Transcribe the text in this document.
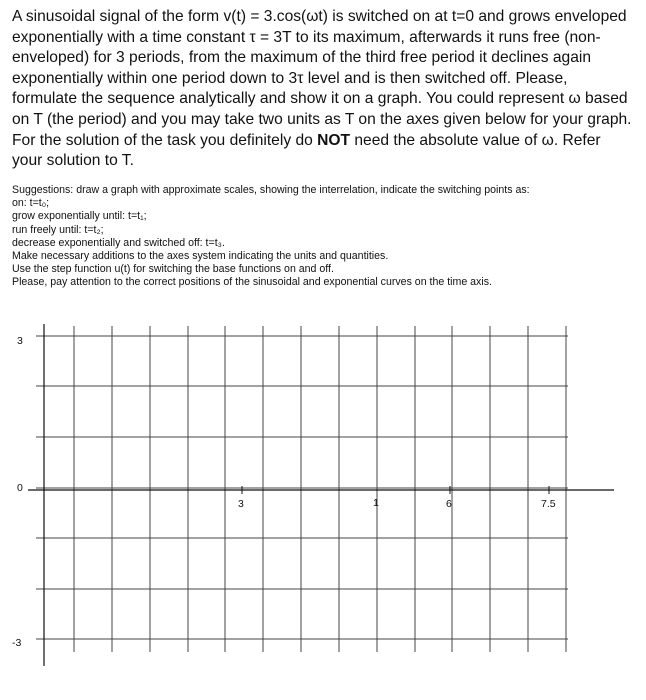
A sinusoidal signal of the form v(t) = 3.cos(ωt) is switched on at t=0 and grows enveloped exponentially with a time constant τ = 3T to its maximum, afterwards it runs free (non-enveloped) for 3 periods, from the maximum of the third free period it declines again exponentially within one period down to 3τ level and is then switched off. Please, formulate the sequence analytically and show it on a graph. You could represent ω based on T (the period) and you may take two units as T on the axes given below for your graph. For the solution of the task you definitely do NOT need the absolute value of ω. Refer your solution to T.

Suggestions: draw a graph with approximate scales, showing the interrelation, indicate the switching points as:
on: t=t₀;
grow exponentially until: t=t₁;
run freely until: t=t₂;
decrease exponentially and switched off: t=t₃.
Make necessary additions to the axes system indicating the units and quantities.
Use the step function u(t) for switching the base functions on and off.
Please, pay attention to the correct positions of the sinusoidal and exponential curves on the time axis.
3
0
-3
3	1	6	7.5
